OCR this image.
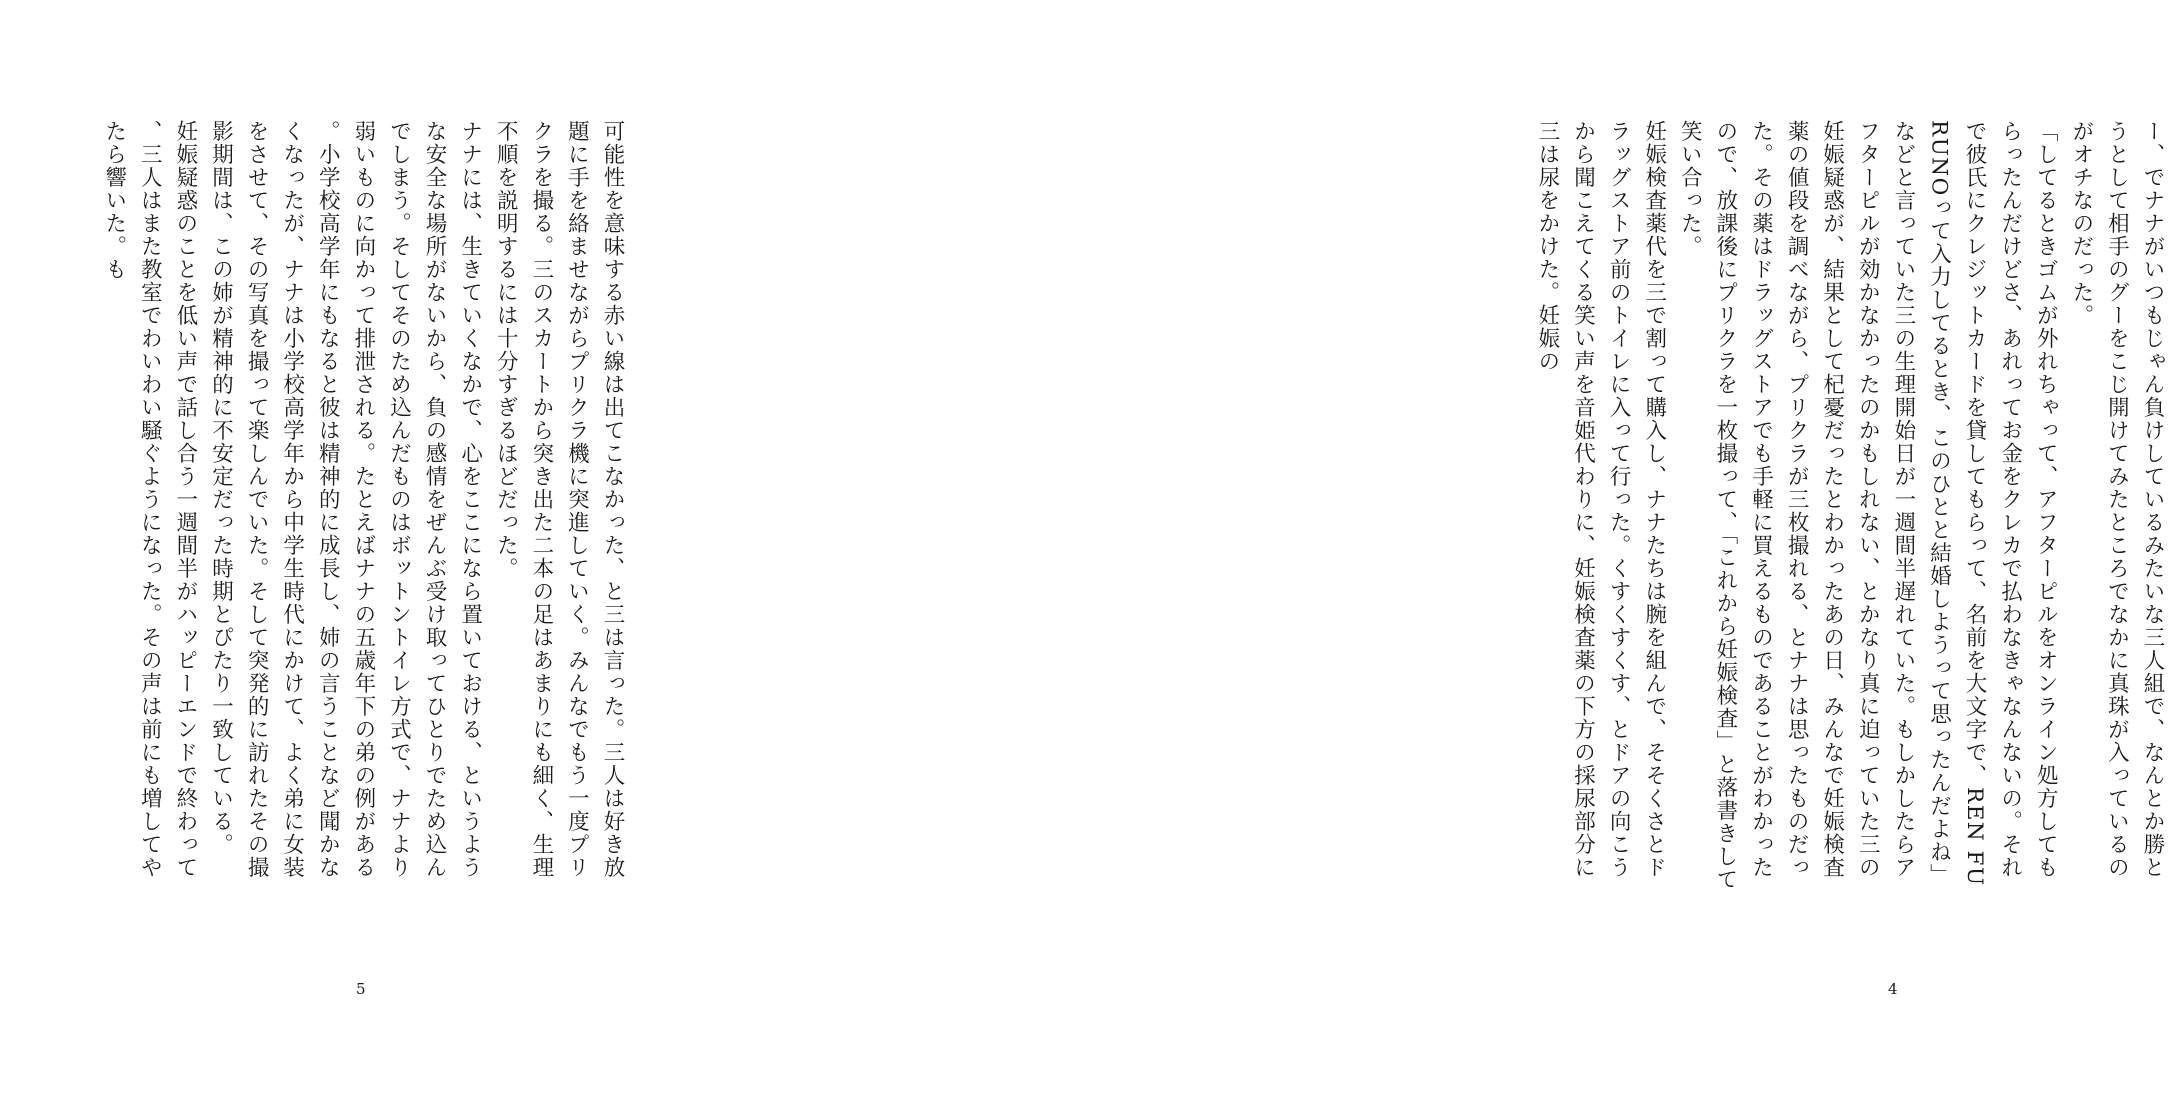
可能性を意味する赤い線は出てこなかった、と三は言った。三人は好き放題に手を絡ませながらプリクラ機に突進していく。みんなでもう一度プリクラを撮る。三のスカートから突き出た二本の足はあまりにも細く、生理不順を説明するには十分すぎるほどだった。
ナナには、生きていくなかで、心をここになら置いておける、というような安全な場所がないから、負の感情をぜんぶ受け取ってひとりでため込んでしまう。そしてそのため込んだものはボットントイレ方式で、ナナより弱いものに向かって排泄される。たとえばナナの五歳年下の弟の例がある。小学校高学年にもなると彼は精神的に成長し、姉の言うことなど聞かなくなったが、ナナは小学校高学年から中学生時代にかけて、よく弟に女装をさせて、その写真を撮って楽しんでいた。そして突発的に訪れたその撮影期間は、この姉が精神的に不安定だった時期とぴたり一致している。
妊娠疑惑のことを低い声で話し合う一週間半がハッピーエンドで終わって、三人はまた教室でわいわい騒ぐようになった。その声は前にも増してやたら響いた。も
5
ー、でナナがいつもじゃん負けしているみたいな三人組で、なんとか勝とうとして相手のグーをこじ開けてみたところでなかに真珠が入っているのがオチなのだった。
「してるときゴムが外れちゃって、アフターピルをオンライン処方してもらったんだけどさ、あれってお金をクレカで払わなきゃなんないの。それで彼氏にクレジットカードを貸してもらって、名前を大文字で、REN FURUNOって入力してるとき、このひとと結婚しようって思ったんだよね」などと言っていた三の生理開始日が一週間半遅れていた。もしかしたらアフターピルが効かなかったのかもしれない、とかなり真に迫っていた三の妊娠疑惑が、結果として杞憂だったとわかったあの日、みんなで妊娠検査薬の値段を調べながら、プリクラが三枚撮れる、とナナは思ったものだった。その薬はドラッグストアでも手軽に買えるものであることがわかったので、放課後にプリクラを一枚撮って、「これから妊娠検査」と落書きして笑い合った。
妊娠検査薬代を三で割って購入し、ナナたちは腕を組んで、そそくさとドラッグストア前のトイレに入って行った。くすくすくす、とドアの向こうから聞こえてくる笑い声を音姫代わりに、妊娠検査薬の下方の採尿部分に三は尿をかけた。妊娠の
4
